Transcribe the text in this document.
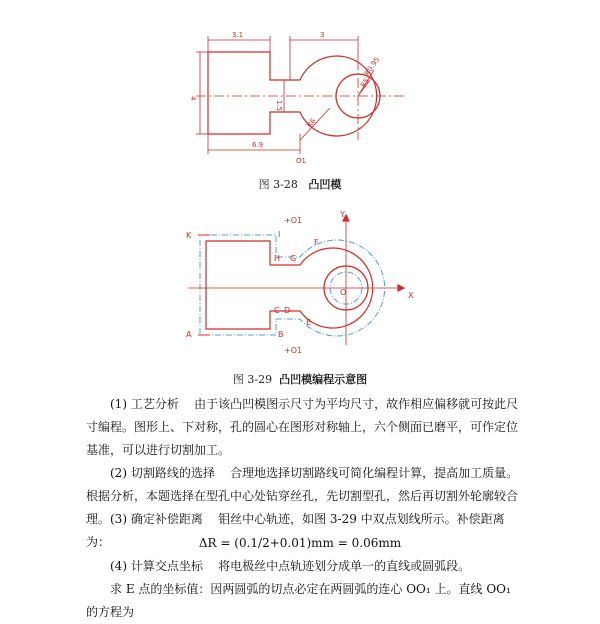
3.1	3
4
1.5
R0.95
R5
R6
6.9
O1
图 3-28 凸凹模
K	I
+O1
H G
F
O
C D
E
A	B
+O1
X
Y
图 3-29 凸凹模编程示意图
(1) 工艺分析 由于该凸凹模图示尺寸为平均尺寸，故作相应偏移就可按此尺寸编程。图形上、下对称，孔的圆心在图形对称轴上，六个侧面已磨平，可作定位基准，可以进行切割加工。
(2) 切割路线的选择 合理地选择切割路线可简化编程计算，提高加工质量。根据分析，本题选择在型孔中心处钻穿丝孔，先切割型孔，然后再切割外轮廓较合理。 (3) 确定补偿距离 钼丝中心轨迹，如图 3-29 中双点划线所示。补偿距离为：	ΔR = (0.1/2+0.01)mm = 0.06mm
(4) 计算交点坐标 将电极丝中点轨迹划分成单一的直线或圆弧段。
求 E 点的坐标值：因两圆弧的切点必定在两圆弧的连心 OO₁ 上。直线 OO₁ 的方程为
